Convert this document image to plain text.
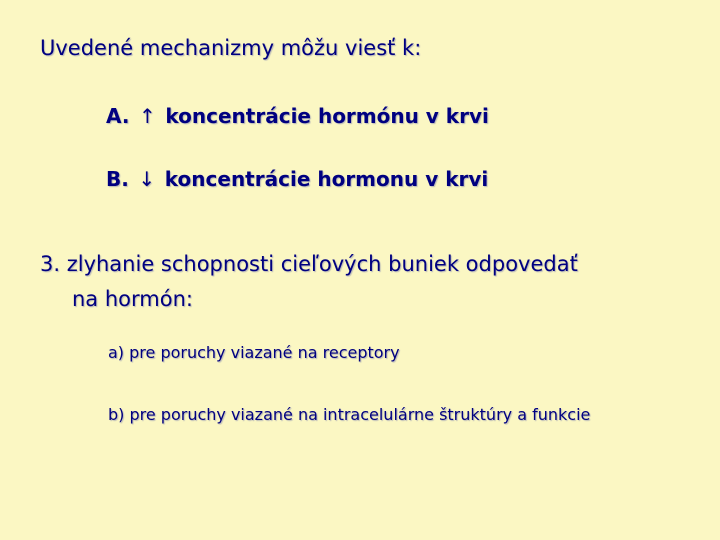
Uvedené mechanizmy môžu viesť k:
A. ↑ koncentrácie hormónu v krvi
B. ↓ koncentrácie hormonu v krvi
3. zlyhanie schopnosti cieľových buniek odpovedať
na hormón:
a) pre poruchy viazané na receptory
b) pre poruchy viazané na intracelulárne štruktúry a funkcie
